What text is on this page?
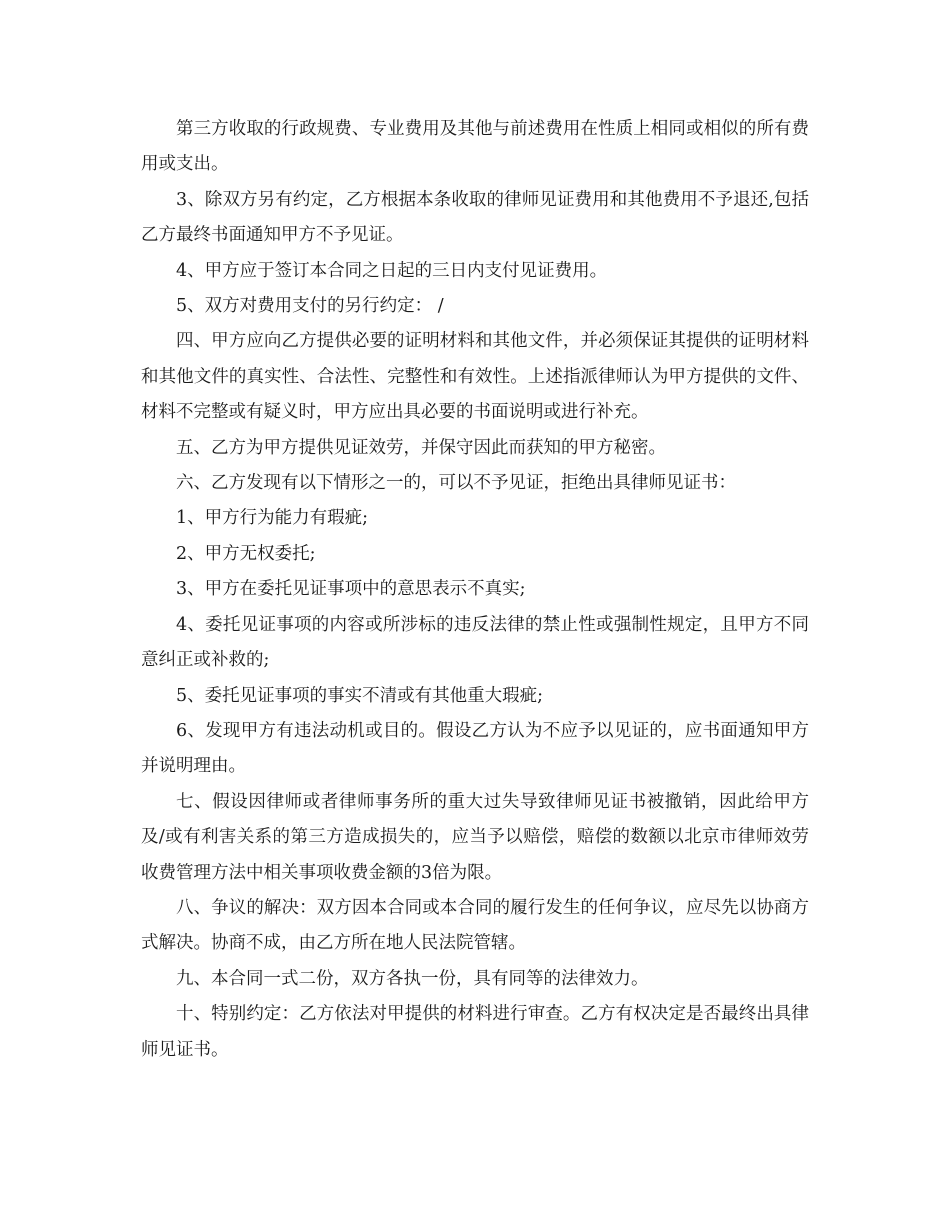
第三方收取的行政规费、专业费用及其他与前述费用在性质上相同或相似的所有费用或支出。

3、除双方另有约定，乙方根据本条收取的律师见证费用和其他费用不予退还,包括乙方最终书面通知甲方不予见证。

4、甲方应于签订本合同之日起的三日内支付见证费用。

5、双方对费用支付的另行约定： /

四、甲方应向乙方提供必要的证明材料和其他文件，并必须保证其提供的证明材料和其他文件的真实性、合法性、完整性和有效性。上述指派律师认为甲方提供的文件、材料不完整或有疑义时，甲方应出具必要的书面说明或进行补充。

五、乙方为甲方提供见证效劳，并保守因此而获知的甲方秘密。

六、乙方发现有以下情形之一的，可以不予见证，拒绝出具律师见证书：

1、甲方行为能力有瑕疵;

2、甲方无权委托;

3、甲方在委托见证事项中的意思表示不真实;

4、委托见证事项的内容或所涉标的违反法律的禁止性或强制性规定，且甲方不同意纠正或补救的;

5、委托见证事项的事实不清或有其他重大瑕疵;

6、发现甲方有违法动机或目的。假设乙方认为不应予以见证的，应书面通知甲方并说明理由。

七、假设因律师或者律师事务所的重大过失导致律师见证书被撤销，因此给甲方及/或有利害关系的第三方造成损失的，应当予以赔偿，赔偿的数额以北京市律师效劳收费管理方法中相关事项收费金额的3倍为限。

八、争议的解决：双方因本合同或本合同的履行发生的任何争议，应尽先以协商方式解决。协商不成，由乙方所在地人民法院管辖。

九、本合同一式二份，双方各执一份，具有同等的法律效力。

十、特别约定：乙方依法对甲提供的材料进行审查。乙方有权决定是否最终出具律师见证书。
